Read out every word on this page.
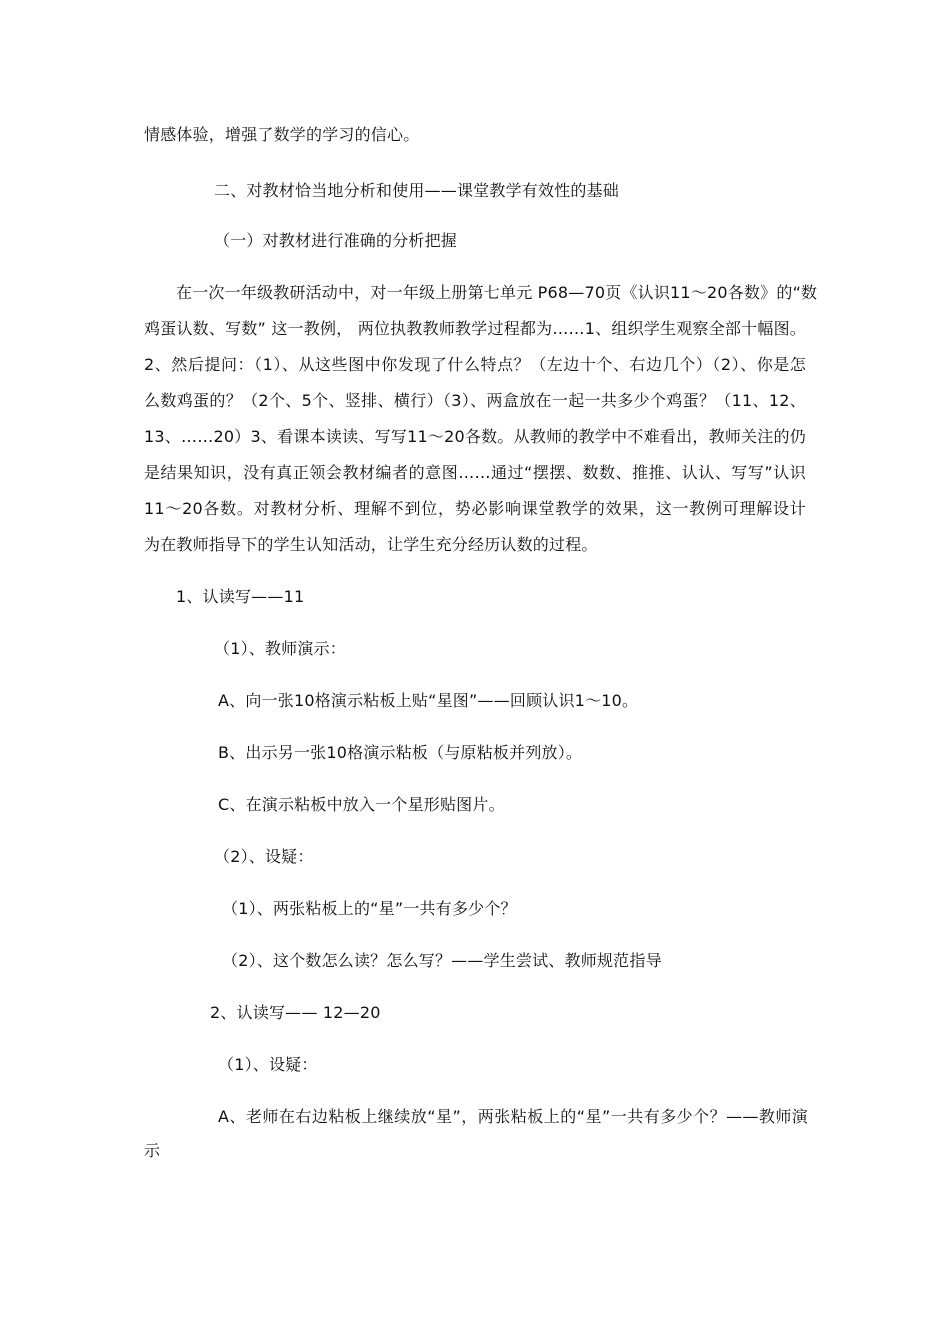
情感体验，增强了数学的学习的信心。
二、对教材恰当地分析和使用——课堂教学有效性的基础
（一）对教材进行准确的分析把握
在一次一年级教研活动中，对一年级上册第七单元 P68—70页《认识11～20各数》的“数
鸡蛋认数、写数” 这一教例， 两位执教教师教学过程都为……1、组织学生观察全部十幅图。
2、然后提问：（1）、从这些图中你发现了什么特点？（左边十个、右边几个）（2）、你是怎
么数鸡蛋的？（2个、5个、竖排、横行）（3）、两盒放在一起一共多少个鸡蛋？（11、12、
13、……20）3、看课本读读、写写11～20各数。从教师的教学中不难看出，教师关注的仍
是结果知识，没有真正领会教材编者的意图……通过“摆摆、数数、推推、认认、写写”认识
11～20各数。对教材分析、理解不到位，势必影响课堂教学的效果，这一教例可理解设计
为在教师指导下的学生认知活动，让学生充分经历认数的过程。
1、认读写——11
（1）、教师演示：
A、向一张10格演示粘板上贴“星图”——回顾认识1～10。
B、出示另一张10格演示粘板（与原粘板并列放）。
C、在演示粘板中放入一个星形贴图片。
（2）、设疑：
（1）、两张粘板上的“星”一共有多少个？
（2）、这个数怎么读？怎么写？——学生尝试、教师规范指导
2、认读写—— 12—20
（1）、设疑：
A、老师在右边粘板上继续放“星”，两张粘板上的“星”一共有多少个？——教师演
示
